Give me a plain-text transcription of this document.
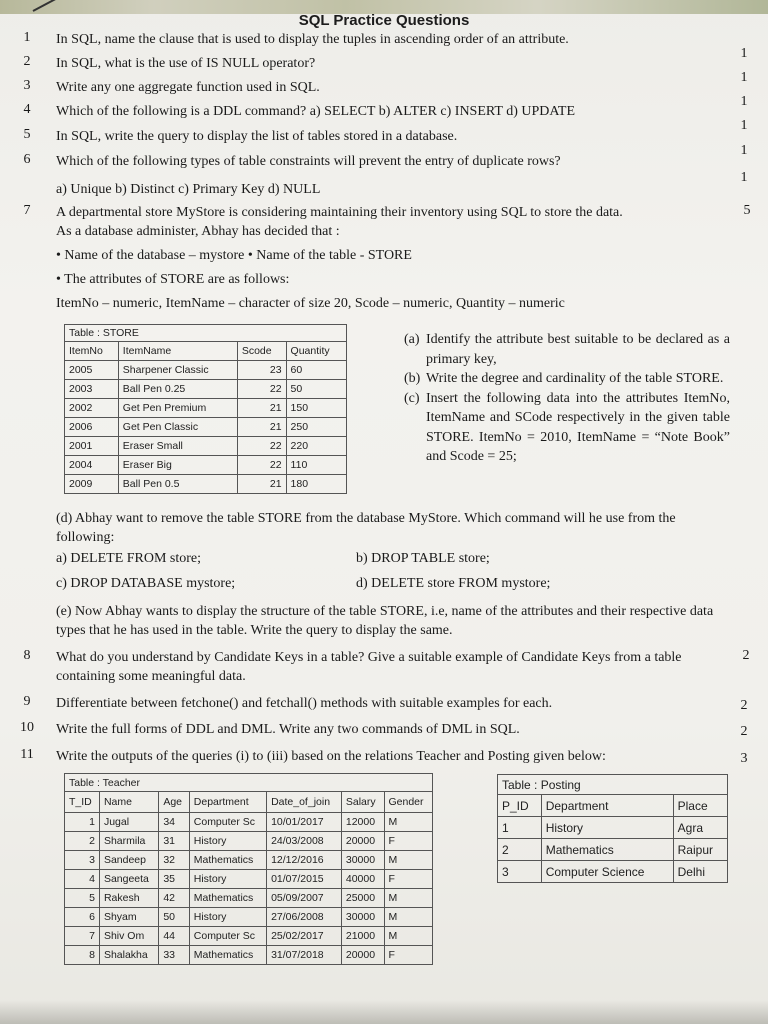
SQL Practice Questions
1	In SQL, name the clause that is used to display the tuples in ascending order of an attribute.
1
2	In SQL, what is the use of IS NULL operator?
1
3	Write any one aggregate function used in SQL.
1
4	Which of the following is a DDL command? a) SELECT b) ALTER c) INSERT d) UPDATE
1
5	In SQL, write the query to display the list of tables stored in a database.
1
6	Which of the following types of table constraints will prevent the entry of duplicate rows?
1
a) Unique b) Distinct c) Primary Key d) NULL
7	A departmental store MyStore is considering maintaining their inventory using SQL to store the data.	5
As a database administer, Abhay has decided that :
• Name of the database – mystore • Name of the table - STORE
• The attributes of STORE are as follows:
ItemNo – numeric, ItemName – character of size 20, Scode – numeric, Quantity – numeric
Table : STORE			
ItemNo	ItemName	Scode	Quantity
2005	Sharpener Classic	23	60
2003	Ball Pen 0.25	22	50
2002	Get Pen Premium	21	150
2006	Get Pen Classic	21	250
2001	Eraser Small	22	220
2004	Eraser Big	22	110
2009	Ball Pen 0.5	21	180
(a) Identify the attribute best suitable to be declared as a primary key,
(b) Write the degree and cardinality of the table STORE.
(c) Insert the following data into the attributes ItemNo, ItemName and SCode respectively in the given table STORE. ItemNo = 2010, ItemName = “Note Book” and Scode = 25;
(d) Abhay want to remove the table STORE from the database MyStore. Which command will he use from the following:
a) DELETE FROM store;	b) DROP TABLE store;
c) DROP DATABASE mystore;	d) DELETE store FROM mystore;
(e) Now Abhay wants to display the structure of the table STORE, i.e, name of the attributes and their respective data types that he has used in the table. Write the query to display the same.
8	What do you understand by Candidate Keys in a table? Give a suitable example of Candidate Keys from a table containing some meaningful data.
2
9	Differentiate between fetchone() and fetchall() methods with suitable examples for each.	2
10	Write the full forms of DDL and DML. Write any two commands of DML in SQL.	2
11	Write the outputs of the queries (i) to (iii) based on the relations Teacher and Posting given below:	3
Table : Teacher						
T_ID	Name	Age	Department	Date_of_join	Salary	Gender
1	Jugal	34	Computer Sc	10/01/2017	12000	M
2	Sharmila	31	History	24/03/2008	20000	F
3	Sandeep	32	Mathematics	12/12/2016	30000	M
4	Sangeeta	35	History	01/07/2015	40000	F
5	Rakesh	42	Mathematics	05/09/2007	25000	M
6	Shyam	50	History	27/06/2008	30000	M
7	Shiv Om	44	Computer Sc	25/02/2017	21000	M
8	Shalakha	33	Mathematics	31/07/2018	20000	F
Table : Posting		
P_ID	Department	Place
1	History	Agra
2	Mathematics	Raipur
3	Computer Science	Delhi
